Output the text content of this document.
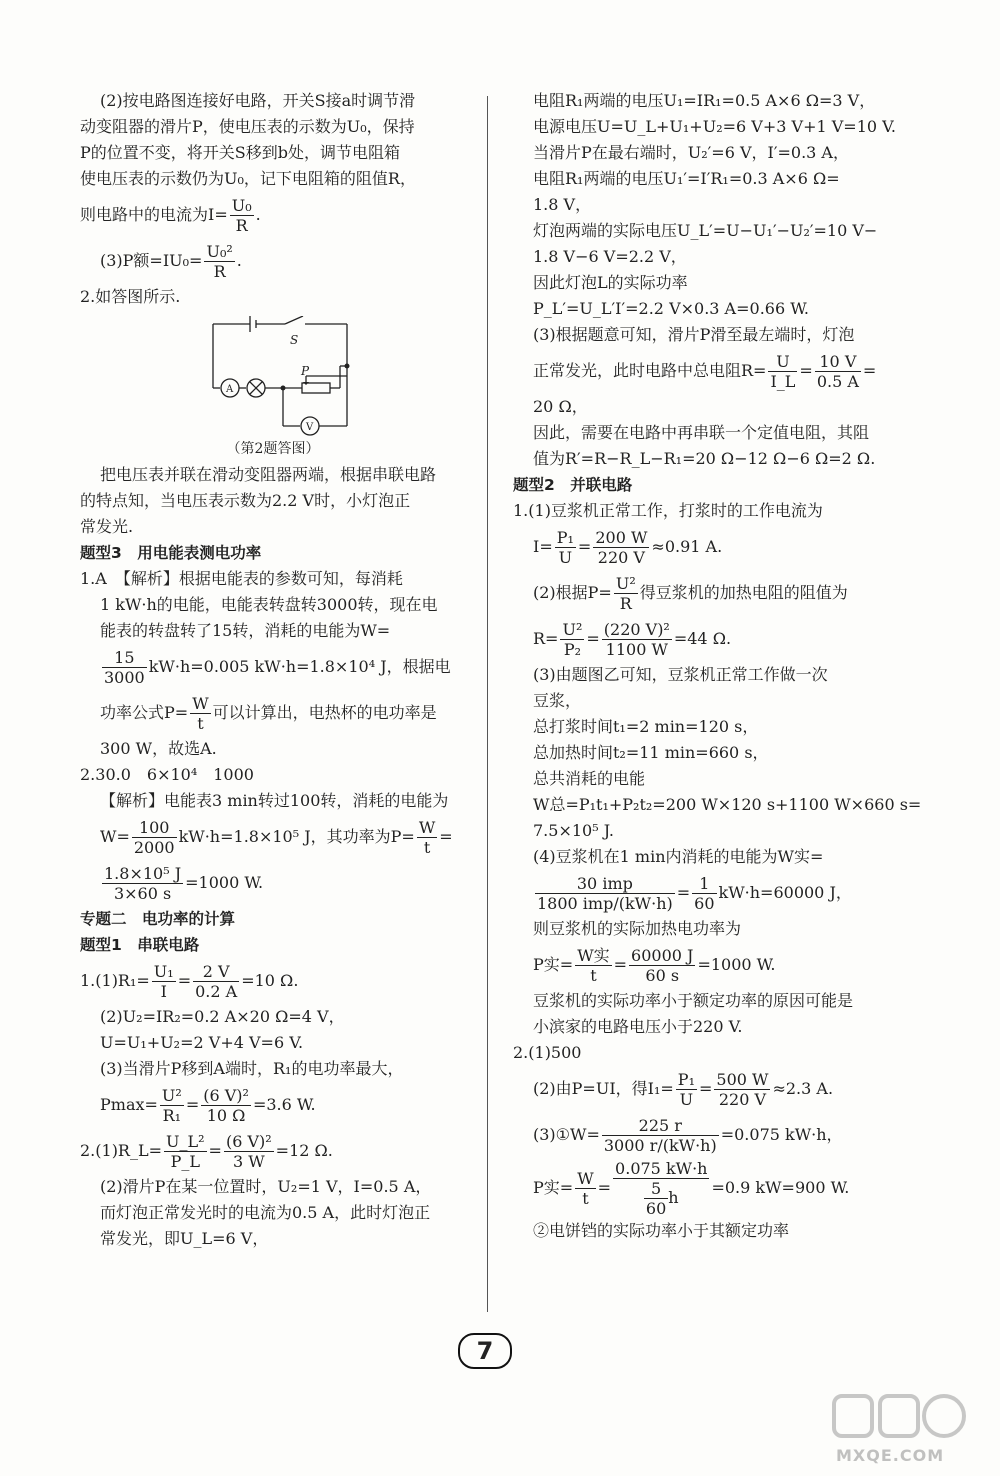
(2)按电路图连接好电路，开关S接a时调节滑
动变阻器的滑片P，使电压表的示数为U₀，保持
P的位置不变，将开关S移到b处，调节电阻箱
使电压表的示数仍为U₀，记下电阻箱的阻值R，
则电路中的电流为$I= \frac{\text{U₀}}{R}$ .
(3)P额$=IU_0= \frac{\text{U₀²}}{R}$ .
2.如答图所示.
S
P
A
V
（第2题答图）
把电压表并联在滑动变阻器两端，根据串联电路
的特点知，当电压表示数为2.2 V时，小灯泡正
常发光.
题型3　用电能表测电功率
1.A　【解析】根据电能表的参数可知，每消耗
1 kW·h的电能，电能表转盘转3000转，现在电
能表的转盘转了15转，消耗的电能为W=
$\frac{15}{3000} kW\cdot h=0.005$ kW·h=1.8×10⁴ J，根据电
功率公式$P= \frac{W}{t}$ 可以计算出，电热杯的电功率是
300 W，故选A.
2.30.0　6×10⁴　1000
【解析】电能表3 min转过100转，消耗的电能为
$W= \frac{100}{2000} kW\cdot h=1.8\times 10^5$ J，其功率为$P= \frac{W}{t}$ =
$\frac{\text{1.8×10⁵ J}}{3\times 60 s} =1000$ W.
专题二　电功率的计算
题型1　串联电路
$1.(1)R_1= \frac{\text{U₁}}{I} = \frac{2 V}{0.2 A} =10$ Ω.
(2)U₂=IR₂=0.2 A×20 Ω=4 V，
U=U₁+U₂=2 V+4 V=6 V.
(3)当滑片P移到A端时，R₁的电功率最大，
$Pmax= \frac{\text{U²}}{\text{R₁}} = \frac{\text{(6 V)²}}{10 \Omega} =3.6$ W.
2.(1)R_L= $\frac{\text{U\_L²}}{P\_L} = \frac{\text{(6 V)²}}{3 W} =12$ Ω.
(2)滑片P在某一位置时，U₂=1 V，I=0.5 A，
而灯泡正常发光时的电流为0.5 A，此时灯泡正
常发光，即U_L=6 V，
电阻R₁两端的电压U₁=IR₁=0.5 A×6 Ω=3 V，
电源电压U=U_L+U₁+U₂=6 V+3 V+1 V=10 V.
当滑片P在最右端时，U₂′=6 V，I′=0.3 A，
电阻R₁两端的电压U₁′=I′R₁=0.3 A×6 Ω=
1.8 V，
灯泡两端的实际电压U_L′=U−U₁′−U₂′=10 V−
1.8 V−6 V=2.2 V，
因此灯泡L的实际功率
P_L′=U_L′I′=2.2 V×0.3 A=0.66 W.
(3)根据题意可知，滑片P滑至最左端时，灯泡
正常发光，此时电路中总电阻$R= \frac{U}{I\_L} = \frac{10 V}{0.5 A}$ =
20 Ω，
因此，需要在电路中再串联一个定值电阻，其阻
值为R′=R−R_L−R₁=20 Ω−12 Ω−6 Ω=2 Ω.
题型2　并联电路
1.(1)豆浆机正常工作，打浆时的工作电流为
$I= \frac{\text{P₁}}{U} = \frac{200 W}{220 V} \approx 0.91$ A.
(2)根据$P= \frac{\text{U²}}{R}$ 得豆浆机的加热电阻的阻值为
$R= \frac{\text{U²}}{\text{P₂}} = \frac{\text{(220 V)²}}{1100 W} =44$ Ω.
(3)由题图乙可知，豆浆机正常工作做一次
豆浆，
总打浆时间t₁=2 min=120 s，
总加热时间t₂=11 min=660 s，
总共消耗的电能
W总=P₁t₁+P₂t₂=200 W×120 s+1100 W×660 s=
7.5×10⁵ J.
(4)豆浆机在1 min内消耗的电能为W实=
$\frac{\text{30 imp}}{\text{1800 imp/(kW·h)}} = \frac{1}{60} kW\cdot h=60000$ J，
则豆浆机的实际加热电功率为
P实= $\frac{\text{W实}}{t} = \frac{60000 J}{60 s} =1000$ W.
豆浆机的实际功率小于额定功率的原因可能是
小滨家的电路电压小于220 V.
2.(1)500
(2)由P=UI，得$I_1= \frac{\text{P₁}}{U} = \frac{500 W}{220 V} \approx 2.3$ A.
(3)①W= $\frac{225 r}{3000 r/(kW\cdot h)} =0.075$ kW·h，
P实= $\frac{W}{t} = \frac{0.075 kW\cdot h}{\frac{5}{60} h} =0.9$ kW=900 W.
②电饼铛的实际功率小于其额定功率
7
MXQE.COM
